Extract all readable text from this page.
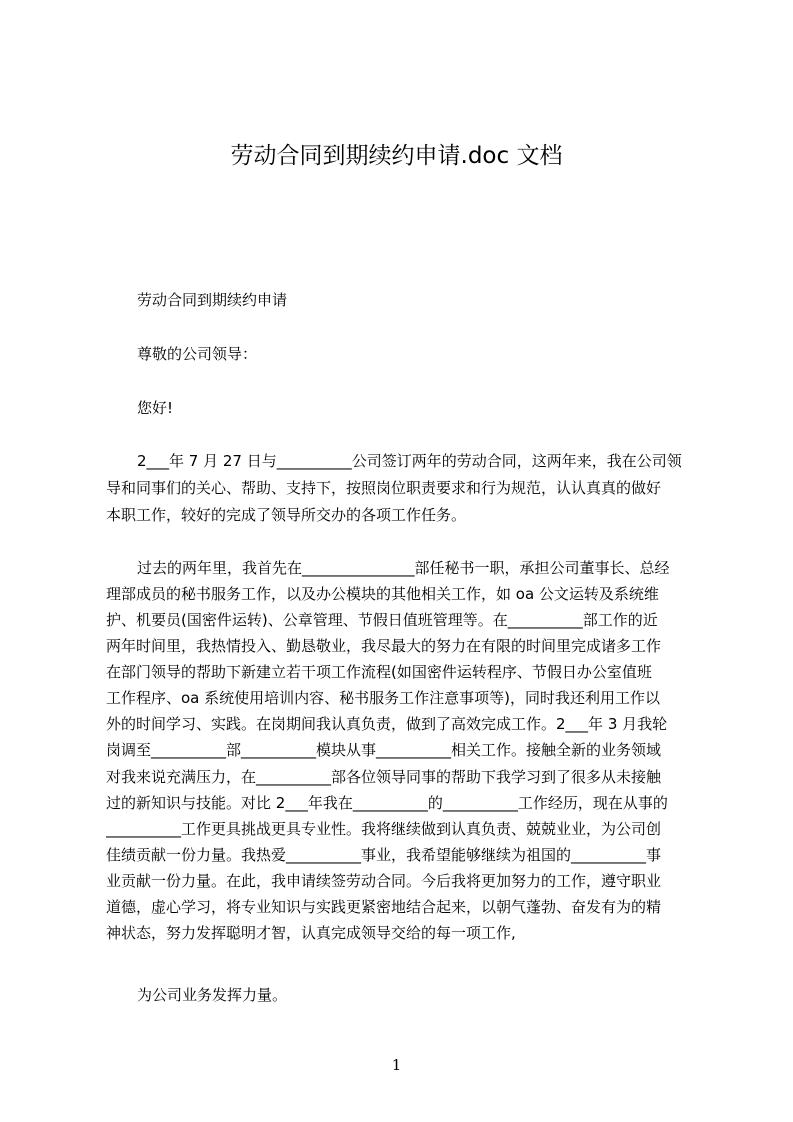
劳动合同到期续约申请.doc 文档

劳动合同到期续约申请

尊敬的公司领导：

您好!

2___年 7 月 27 日与__________公司签订两年的劳动合同，这两年来，我在公司领

导和同事们的关心、帮助、支持下，按照岗位职责要求和行为规范，认认真真的做好

本职工作，较好的完成了领导所交办的各项工作任务。

过去的两年里，我首先在_______________部任秘书一职，承担公司董事长、总经

理部成员的秘书服务工作，以及办公模块的其他相关工作，如 oa 公文运转及系统维

护、机要员(国密件运转)、公章管理、节假日值班管理等。在__________部工作的近

两年时间里，我热情投入、勤恳敬业，我尽最大的努力在有限的时间里完成诸多工作

在部门领导的帮助下新建立若干项工作流程(如国密件运转程序、节假日办公室值班

工作程序、oa 系统使用培训内容、秘书服务工作注意事项等)，同时我还利用工作以

外的时间学习、实践。在岗期间我认真负责，做到了高效完成工作。2___年 3 月我轮

岗调至__________部__________模块从事__________相关工作。接触全新的业务领域

对我来说充满压力，在__________部各位领导同事的帮助下我学习到了很多从未接触

过的新知识与技能。对比 2___年我在__________的__________工作经历，现在从事的

__________工作更具挑战更具专业性。我将继续做到认真负责、兢兢业业，为公司创

佳绩贡献一份力量。我热爱__________事业，我希望能够继续为祖国的__________事

业贡献一份力量。在此，我申请续签劳动合同。今后我将更加努力的工作，遵守职业

道德，虚心学习，将专业知识与实践更紧密地结合起来，以朝气蓬勃、奋发有为的精

神状态，努力发挥聪明才智，认真完成领导交给的每一项工作,

为公司业务发挥力量。

1
